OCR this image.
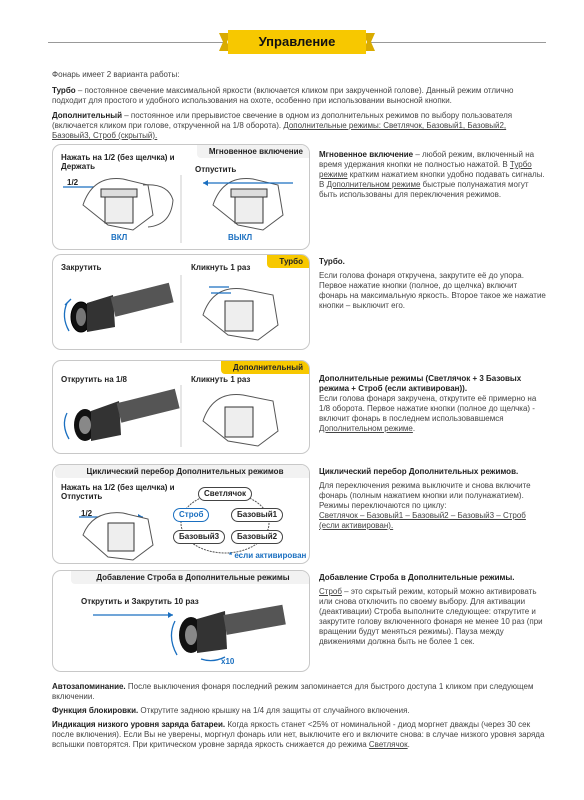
Управление

Фонарь имеет 2 варианта работы:

Турбо – постоянное свечение максимальной яркости (включается кликом при закрученной голове). Данный режим отлично подходит для простого и удобного использования на охоте, особенно при использовании выносной кнопки.

Дополнительный – постоянное или прерывистое свечение в одном из дополнительных режимов по выбору пользователя (включается кликом при голове, открученной на 1/8 оборота). Дополнительные режимы: Светлячок, Базовый1, Базовый2, Базовый3, Строб (скрытый).

Мгновенное включение
Нажать на 1/2 (без щелчка) и Держать	Отпустить
1/2
ВКЛ	ВЫКЛ

Мгновенное включение – любой режим, включенный на время удержания кнопки не полностью нажатой. В Турбо режиме кратким нажатием кнопки удобно подавать сигналы. В Дополнительном режиме быстрые полунажатия могут быть использованы для переключения режимов.

Турбо
Закрутить	Кликнуть 1 раз

Турбо.

Если голова фонаря откручена, закрутите её до упора. Первое нажатие кнопки (полное, до щелчка) включит фонарь на максимальную яркость. Второе такое же нажатие кнопки – выключит его.

Дополнительный
Открутить на 1/8	Кликнуть 1 раз	Дополнительные режимы (Светлячок + 3 Базовых режима + Строб (если активирован)).
Если голова фонаря закручена, открутите её примерно на 1/8 оборота. Первое нажатие кнопки (полное до щелчка) - включит фонарь в последнем использовавшемся Дополнительном режиме.

Циклический перебор Дополнительных режимов
Нажать на 1/2 (без щелчка) и Отпустить
1/2
Светлячок
Строб	Базовый1
Базовый3	Базовый2
* если активирован

Циклический перебор Дополнительных режимов.
Для переключения режима выключите и снова включите фонарь (полным нажатием кнопки или полунажатием). Режимы переключаются по циклу:Светлячок – Базовый1 – Базовый2 – Базовый3 – Строб (если активирован).

Добавление Строба в Дополнительные режимы
Открутить и Закрутить 10 раз
x10

Добавление Строба в Дополнительные режимы.
Строб – это скрытый режим, который можно активировать или снова отключить по своему выбору. Для активации (деактивации) Строба выполните следующее: открутите и закрутите голову включенного фонаря не менее 10 раз (при вращении будут меняться режимы). Пауза между движениями должна быть не более 1 сек.

Автозапоминание. После выключения фонаря последний режим запоминается для быстрого доступа 1 кликом при следующем включении.

Функция блокировки. Открутите заднюю крышку на 1/4 для защиты от случайного включения.

Индикация низкого уровня заряда батареи. Когда яркость станет <25% от номинальной - диод моргнет дважды (через 30 сек после включения). Если Вы не уверены, моргнул фонарь или нет, выключите его и включите снова: в случае низкого уровня заряда вспышки повторятся. При критическом уровне заряда яркость снижается до режима Светлячок.
